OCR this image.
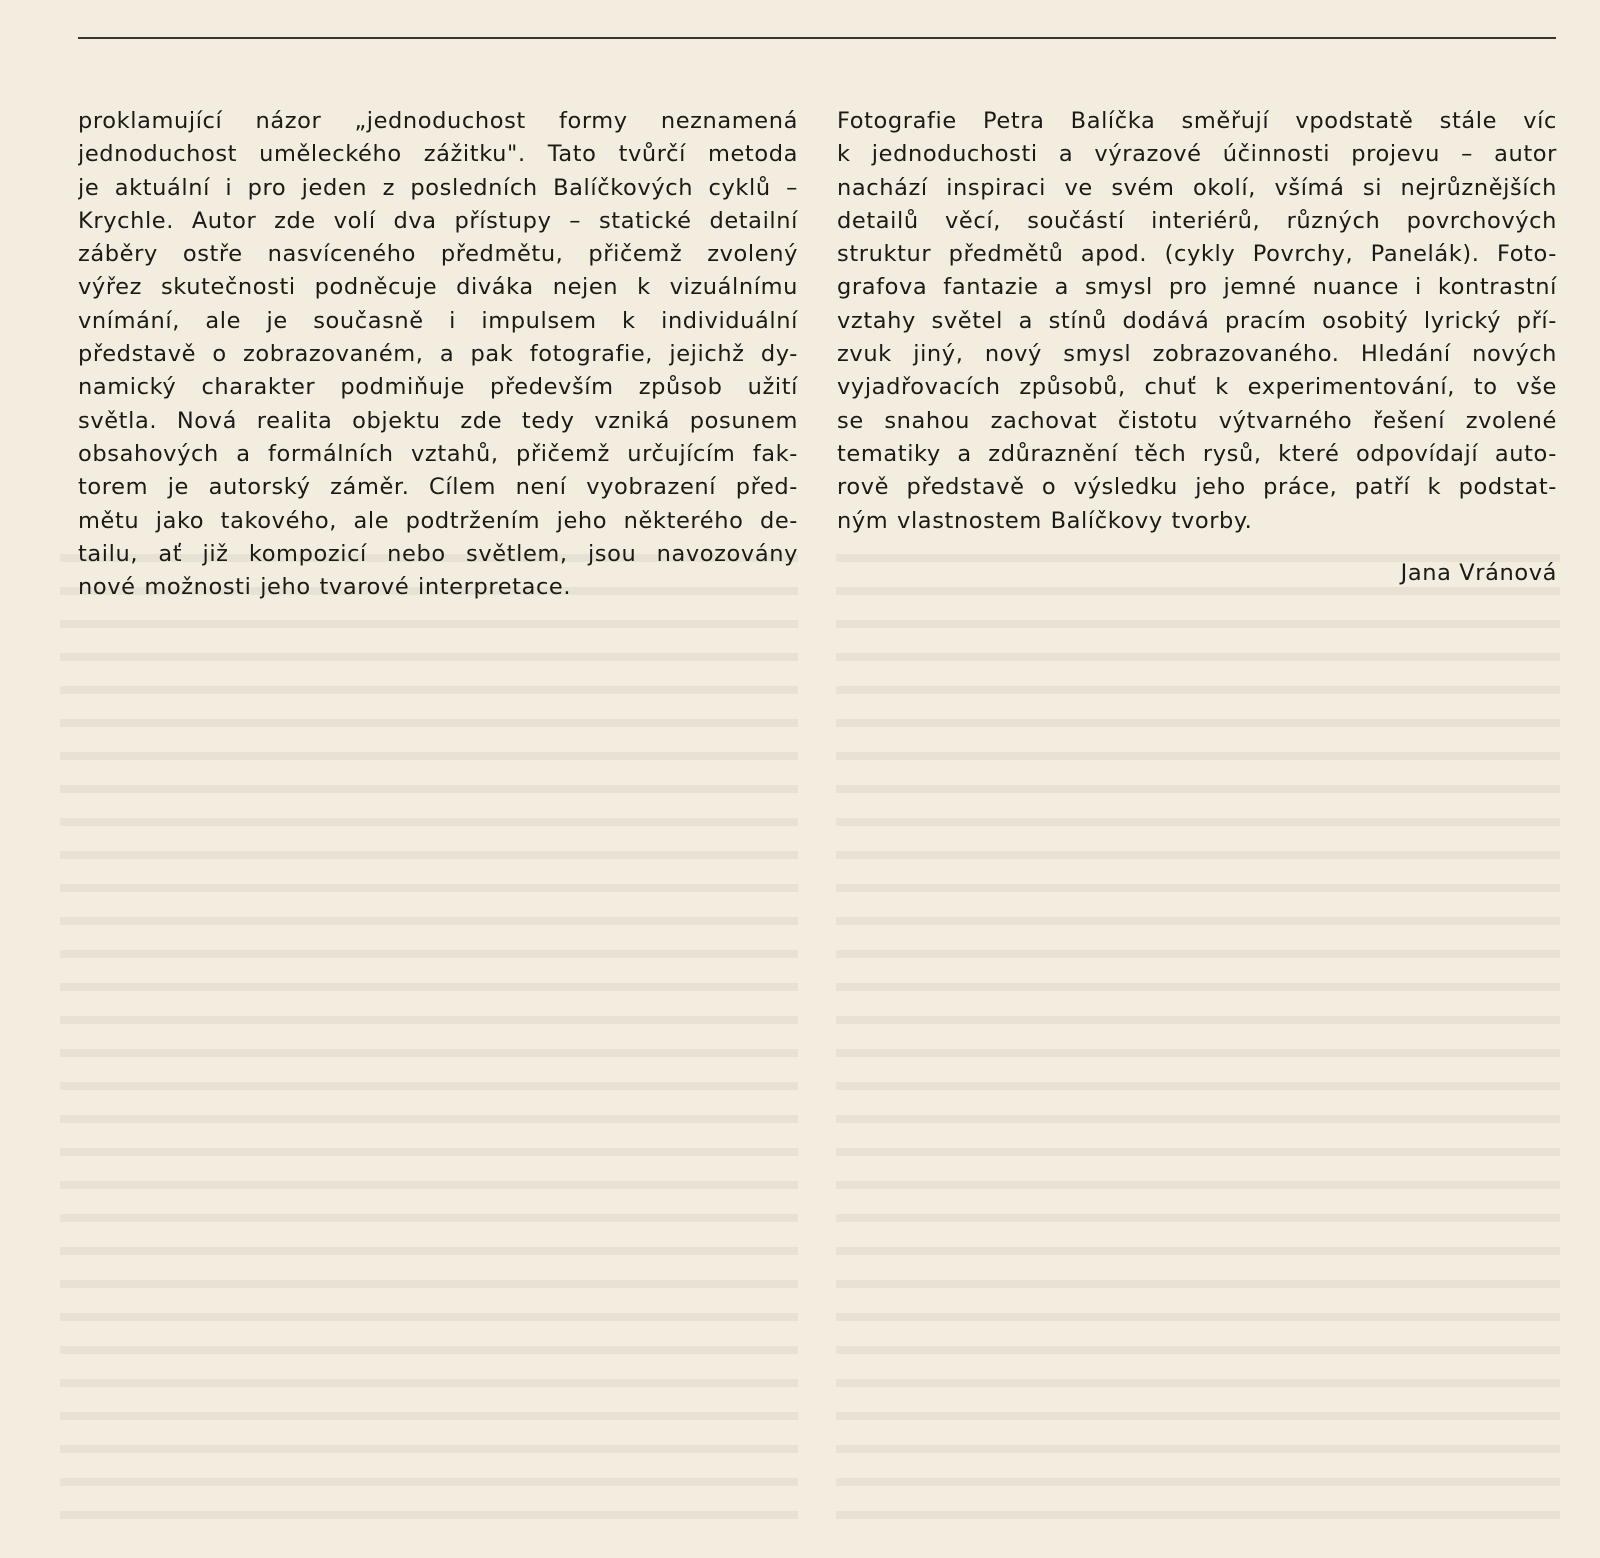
proklamující názor „jednoduchost formy neznamená
jednoduchost uměleckého zážitku". Tato tvůrčí metoda
je aktuální i pro jeden z posledních Balíčkových cyklů –
Krychle. Autor zde volí dva přístupy – statické detailní
záběry ostře nasvíceného předmětu, přičemž zvolený
výřez skutečnosti podněcuje diváka nejen k vizuálnímu
vnímání, ale je současně i impulsem k individuální
představě o zobrazovaném, a pak fotografie, jejichž dy-
namický charakter podmiňuje především způsob užití
světla. Nová realita objektu zde tedy vzniká posunem
obsahových a formálních vztahů, přičemž určujícím fak-
torem je autorský záměr. Cílem není vyobrazení před-
mětu jako takového, ale podtržením jeho některého de-
tailu, ať již kompozicí nebo světlem, jsou navozovány
nové možnosti jeho tvarové interpretace.

Fotografie Petra Balíčka směřují vpodstatě stále víc
k jednoduchosti a výrazové účinnosti projevu – autor
nachází inspiraci ve svém okolí, všímá si nejrůznějších
detailů věcí, součástí interiérů, různých povrchových
struktur předmětů apod. (cykly Povrchy, Panelák). Foto-
grafova fantazie a smysl pro jemné nuance i kontrastní
vztahy světel a stínů dodává pracím osobitý lyrický pří-
zvuk jiný, nový smysl zobrazovaného. Hledání nových
vyjadřovacích způsobů, chuť k experimentování, to vše
se snahou zachovat čistotu výtvarného řešení zvolené
tematiky a zdůraznění těch rysů, které odpovídají auto-
rově představě o výsledku jeho práce, patří k podstat-
ným vlastnostem Balíčkovy tvorby.

Jana Vránová
